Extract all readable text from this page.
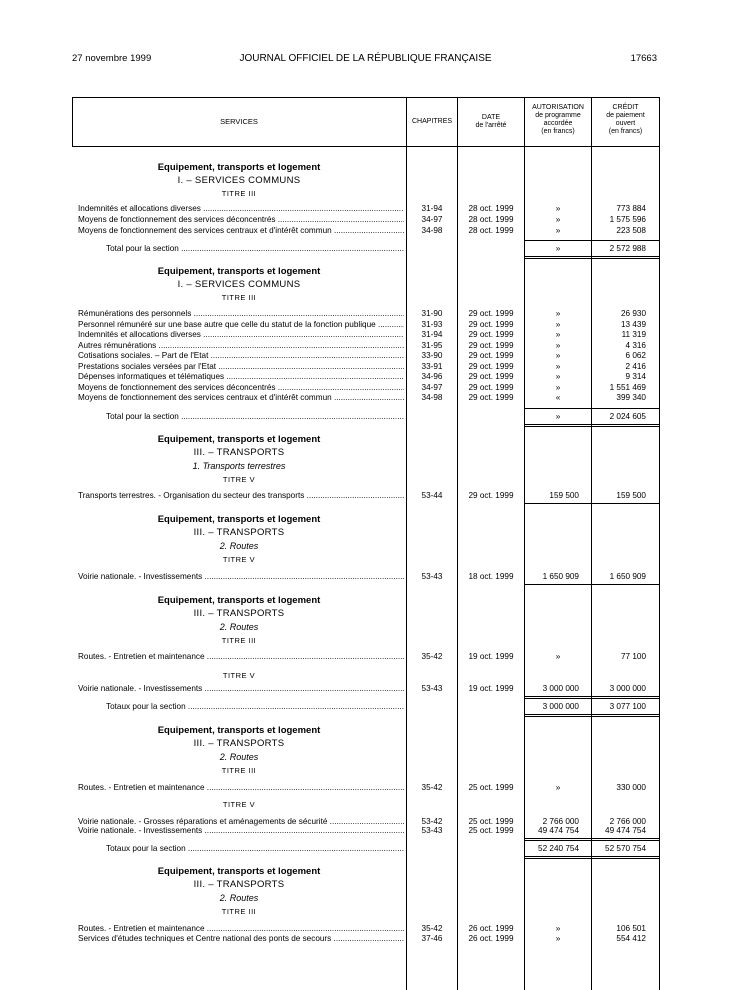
27 novembre 1999	JOURNAL OFFICIEL DE LA RÉPUBLIQUE FRANÇAISE	17663
SERVICES	CHAPITRES
DATE
de l'arrêté
AUTORISATION
de programme
accordée
(en francs)
CRÉDIT
de paiement
ouvert
(en francs)
Equipement, transports et logement
I. – SERVICES COMMUNS
TITRE III
Indemnités et allocations diverses .....	31-94	28 oct. 1999	»	773 884
Moyens de fonctionnement des services déconcentrés .....	34-97	28 oct. 1999	»	1 575 596
Moyens de fonctionnement des services centraux et d'intérêt commun .....	34-98	28 oct. 1999	»	223 508
Total pour la section .....	»	2 572 988
Equipement, transports et logement
I. – SERVICES COMMUNS
TITRE III
Rémunérations des personnels .....	31-90	29 oct. 1999	»	26 930
Personnel rémunéré sur une base autre que celle du statut de la fonction publique .....	31-93	29 oct. 1999	»	13 439
Indemnités et allocations diverses .....	31-94	29 oct. 1999	»	11 319
Autres rémunérations .....	31-95	29 oct. 1999	»	4 316
Cotisations sociales. – Part de l'Etat .....	33-90	29 oct. 1999	»	6 062
Prestations sociales versées par l'Etat .....	33-91	29 oct. 1999	»	2 416
Dépenses informatiques et télématiques .....	34-96	29 oct. 1999	»	9 314
Moyens de fonctionnement des services déconcentrés .....	34-97	29 oct. 1999	»	1 551 469
Moyens de fonctionnement des services centraux et d'intérêt commun .....	34-98	29 oct. 1999	«	399 340
Total pour la section .....	»	2 024 605
Equipement, transports et logement
III. – TRANSPORTS
1. Transports terrestres
TITRE V
Transports terrestres. - Organisation du secteur des transports .....	53-44	29 oct. 1999	159 500	159 500
Equipement, transports et logement
III. – TRANSPORTS
2. Routes
TITRE V
Voirie nationale. - Investissements .....	53-43	18 oct. 1999	1 650 909	1 650 909
Equipement, transports et logement
III. – TRANSPORTS
2. Routes
TITRE III
Routes. - Entretien et maintenance .....	35-42	19 oct. 1999	»	77 100
TITRE V
Voirie nationale. - Investissements .....	53-43	19 oct. 1999	3 000 000	3 000 000
Totaux pour la section .....	3 000 000	3 077 100
Equipement, transports et logement
III. – TRANSPORTS
2. Routes
TITRE III
Routes. - Entretien et maintenance .....	35-42	25 oct. 1999	»	330 000
TITRE V
Voirie nationale. - Grosses réparations et aménagements de sécurité .....	53-42	25 oct. 1999	2 766 000	2 766 000
Voirie nationale. - Investissements .....	53-43	25 oct. 1999	49 474 754	49 474 754
Totaux pour la section .....	52 240 754	52 570 754
Equipement, transports et logement
III. – TRANSPORTS
2. Routes
TITRE III
Routes. - Entretien et maintenance .....	35-42	26 oct. 1999	»	106 501
Services d'études techniques et Centre national des ponts de secours .....	37-46	26 oct. 1999	»	554 412
